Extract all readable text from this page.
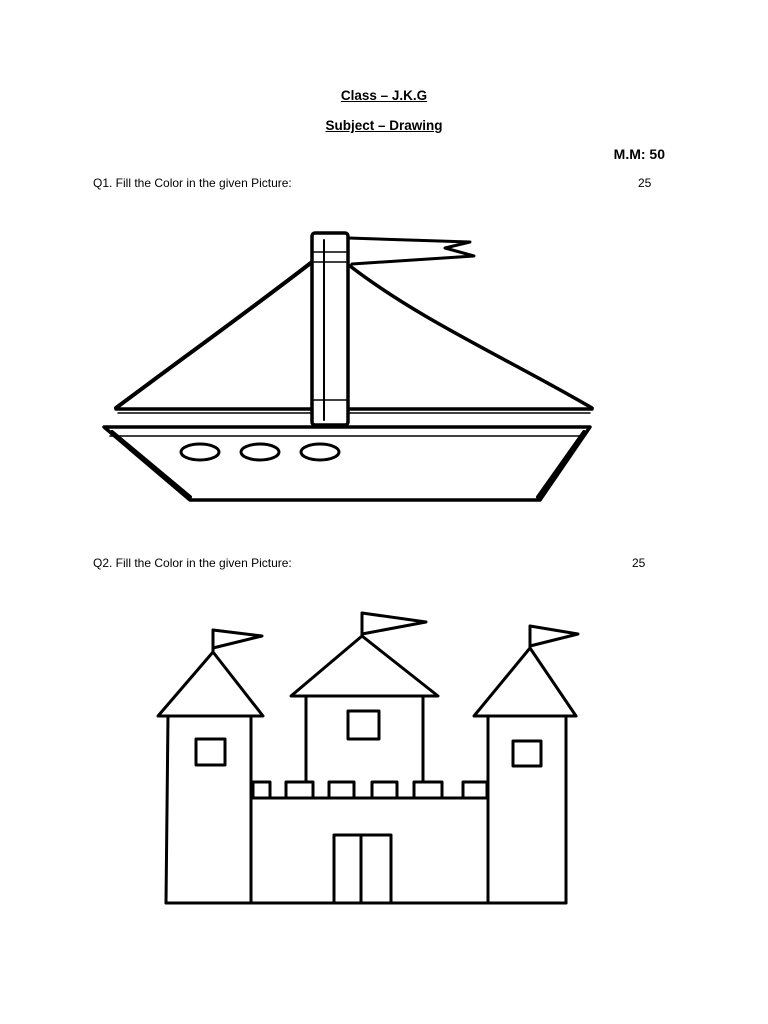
Class – J.K.G
Subject – Drawing
M.M: 50
Q1. Fill the Color in the given Picture:	25
Q2. Fill the Color in the given Picture:	25
